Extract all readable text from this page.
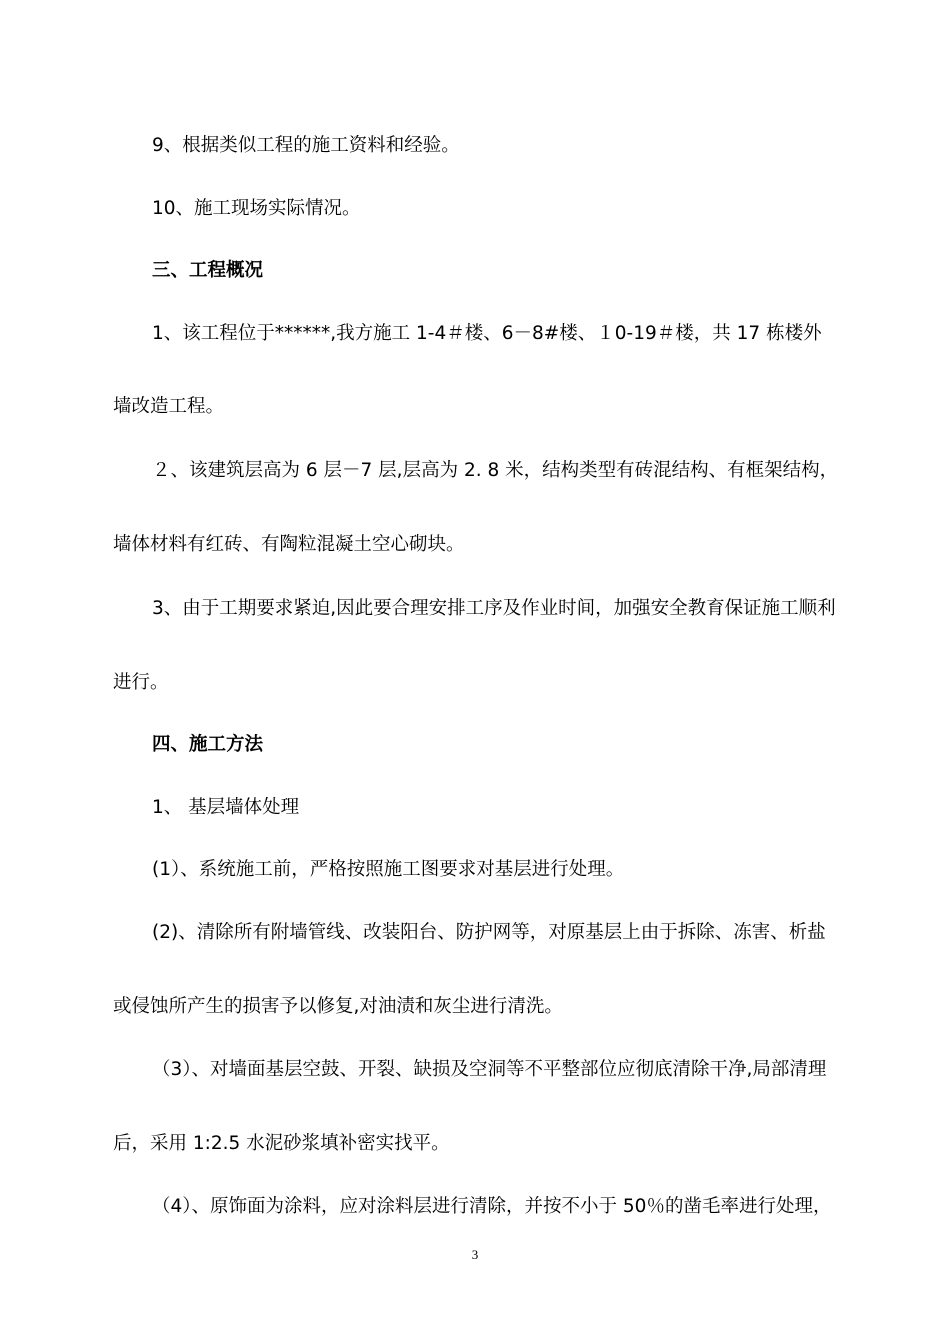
9、根据类似工程的施工资料和经验。
10、施工现场实际情况。
三、工程概况
1、该工程位于******,我方施工 1-4＃楼、6－8#楼、１0-19＃楼，共 17 栋楼外
墙改造工程。
２、该建筑层高为 6 层－7 层,层高为 2. 8 米，结构类型有砖混结构、有框架结构，
墙体材料有红砖、有陶粒混凝土空心砌块。
3、由于工期要求紧迫,因此要合理安排工序及作业时间，加强安全教育保证施工顺利
进行。
四、施工方法
1、 基层墙体处理
(1）、系统施工前，严格按照施工图要求对基层进行处理。
(2)、清除所有附墙管线、改装阳台、防护网等，对原基层上由于拆除、冻害、析盐
或侵蚀所产生的损害予以修复,对油渍和灰尘进行清洗。
（3）、对墙面基层空鼓、开裂、缺损及空洞等不平整部位应彻底清除干净,局部清理
后，采用 1:2.5 水泥砂浆填补密实找平。
（4）、原饰面为涂料，应对涂料层进行清除，并按不小于 50％的凿毛率进行处理，
3
